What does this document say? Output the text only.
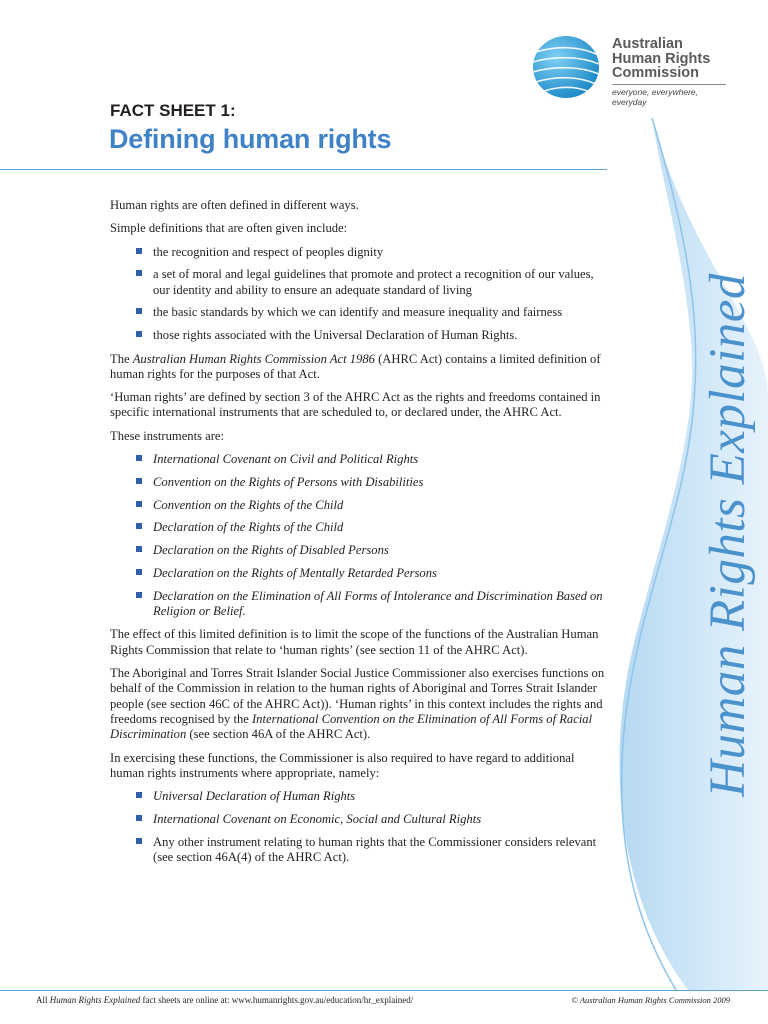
Australian
Human Rights
Commission
everyone, everywhere, everyday
FACT SHEET 1:
Defining human rights
Human Rights Explained

Human rights are often defined in different ways.

Simple definitions that are often given include:

the recognition and respect of peoples dignity
a set of moral and legal guidelines that promote and protect a recognition of our values, our identity and ability to ensure an adequate standard of living
the basic standards by which we can identify and measure inequality and fairness
those rights associated with the Universal Declaration of Human Rights.

The Australian Human Rights Commission Act 1986 (AHRC Act) contains a limited definition of human rights for the purposes of that Act.

‘Human rights’ are defined by section 3 of the AHRC Act as the rights and freedoms contained in specific international instruments that are scheduled to, or declared under, the AHRC Act.

These instruments are:

International Covenant on Civil and Political Rights
Convention on the Rights of Persons with Disabilities
Convention on the Rights of the Child
Declaration of the Rights of the Child
Declaration on the Rights of Disabled Persons
Declaration on the Rights of Mentally Retarded Persons
Declaration on the Elimination of All Forms of Intolerance and Discrimination Based on Religion or Belief.

The effect of this limited definition is to limit the scope of the functions of the Australian Human Rights Commission that relate to ‘human rights’ (see section 11 of the AHRC Act).

The Aboriginal and Torres Strait Islander Social Justice Commissioner also exercises functions on behalf of the Commission in relation to the human rights of Aboriginal and Torres Strait Islander people (see section 46C of the AHRC Act)). ‘Human rights’ in this context includes the rights and freedoms recognised by the International Convention on the Elimination of All Forms of Racial Discrimination (see section 46A of the AHRC Act).

In exercising these functions, the Commissioner is also required to have regard to additional human rights instruments where appropriate, namely:

Universal Declaration of Human Rights
International Covenant on Economic, Social and Cultural Rights
Any other instrument relating to human rights that the Commissioner considers relevant (see section 46A(4) of the AHRC Act).
All Human Rights Explained fact sheets are online at: www.humanrights.gov.au/education/hr_explained/	© Australian Human Rights Commission 2009
